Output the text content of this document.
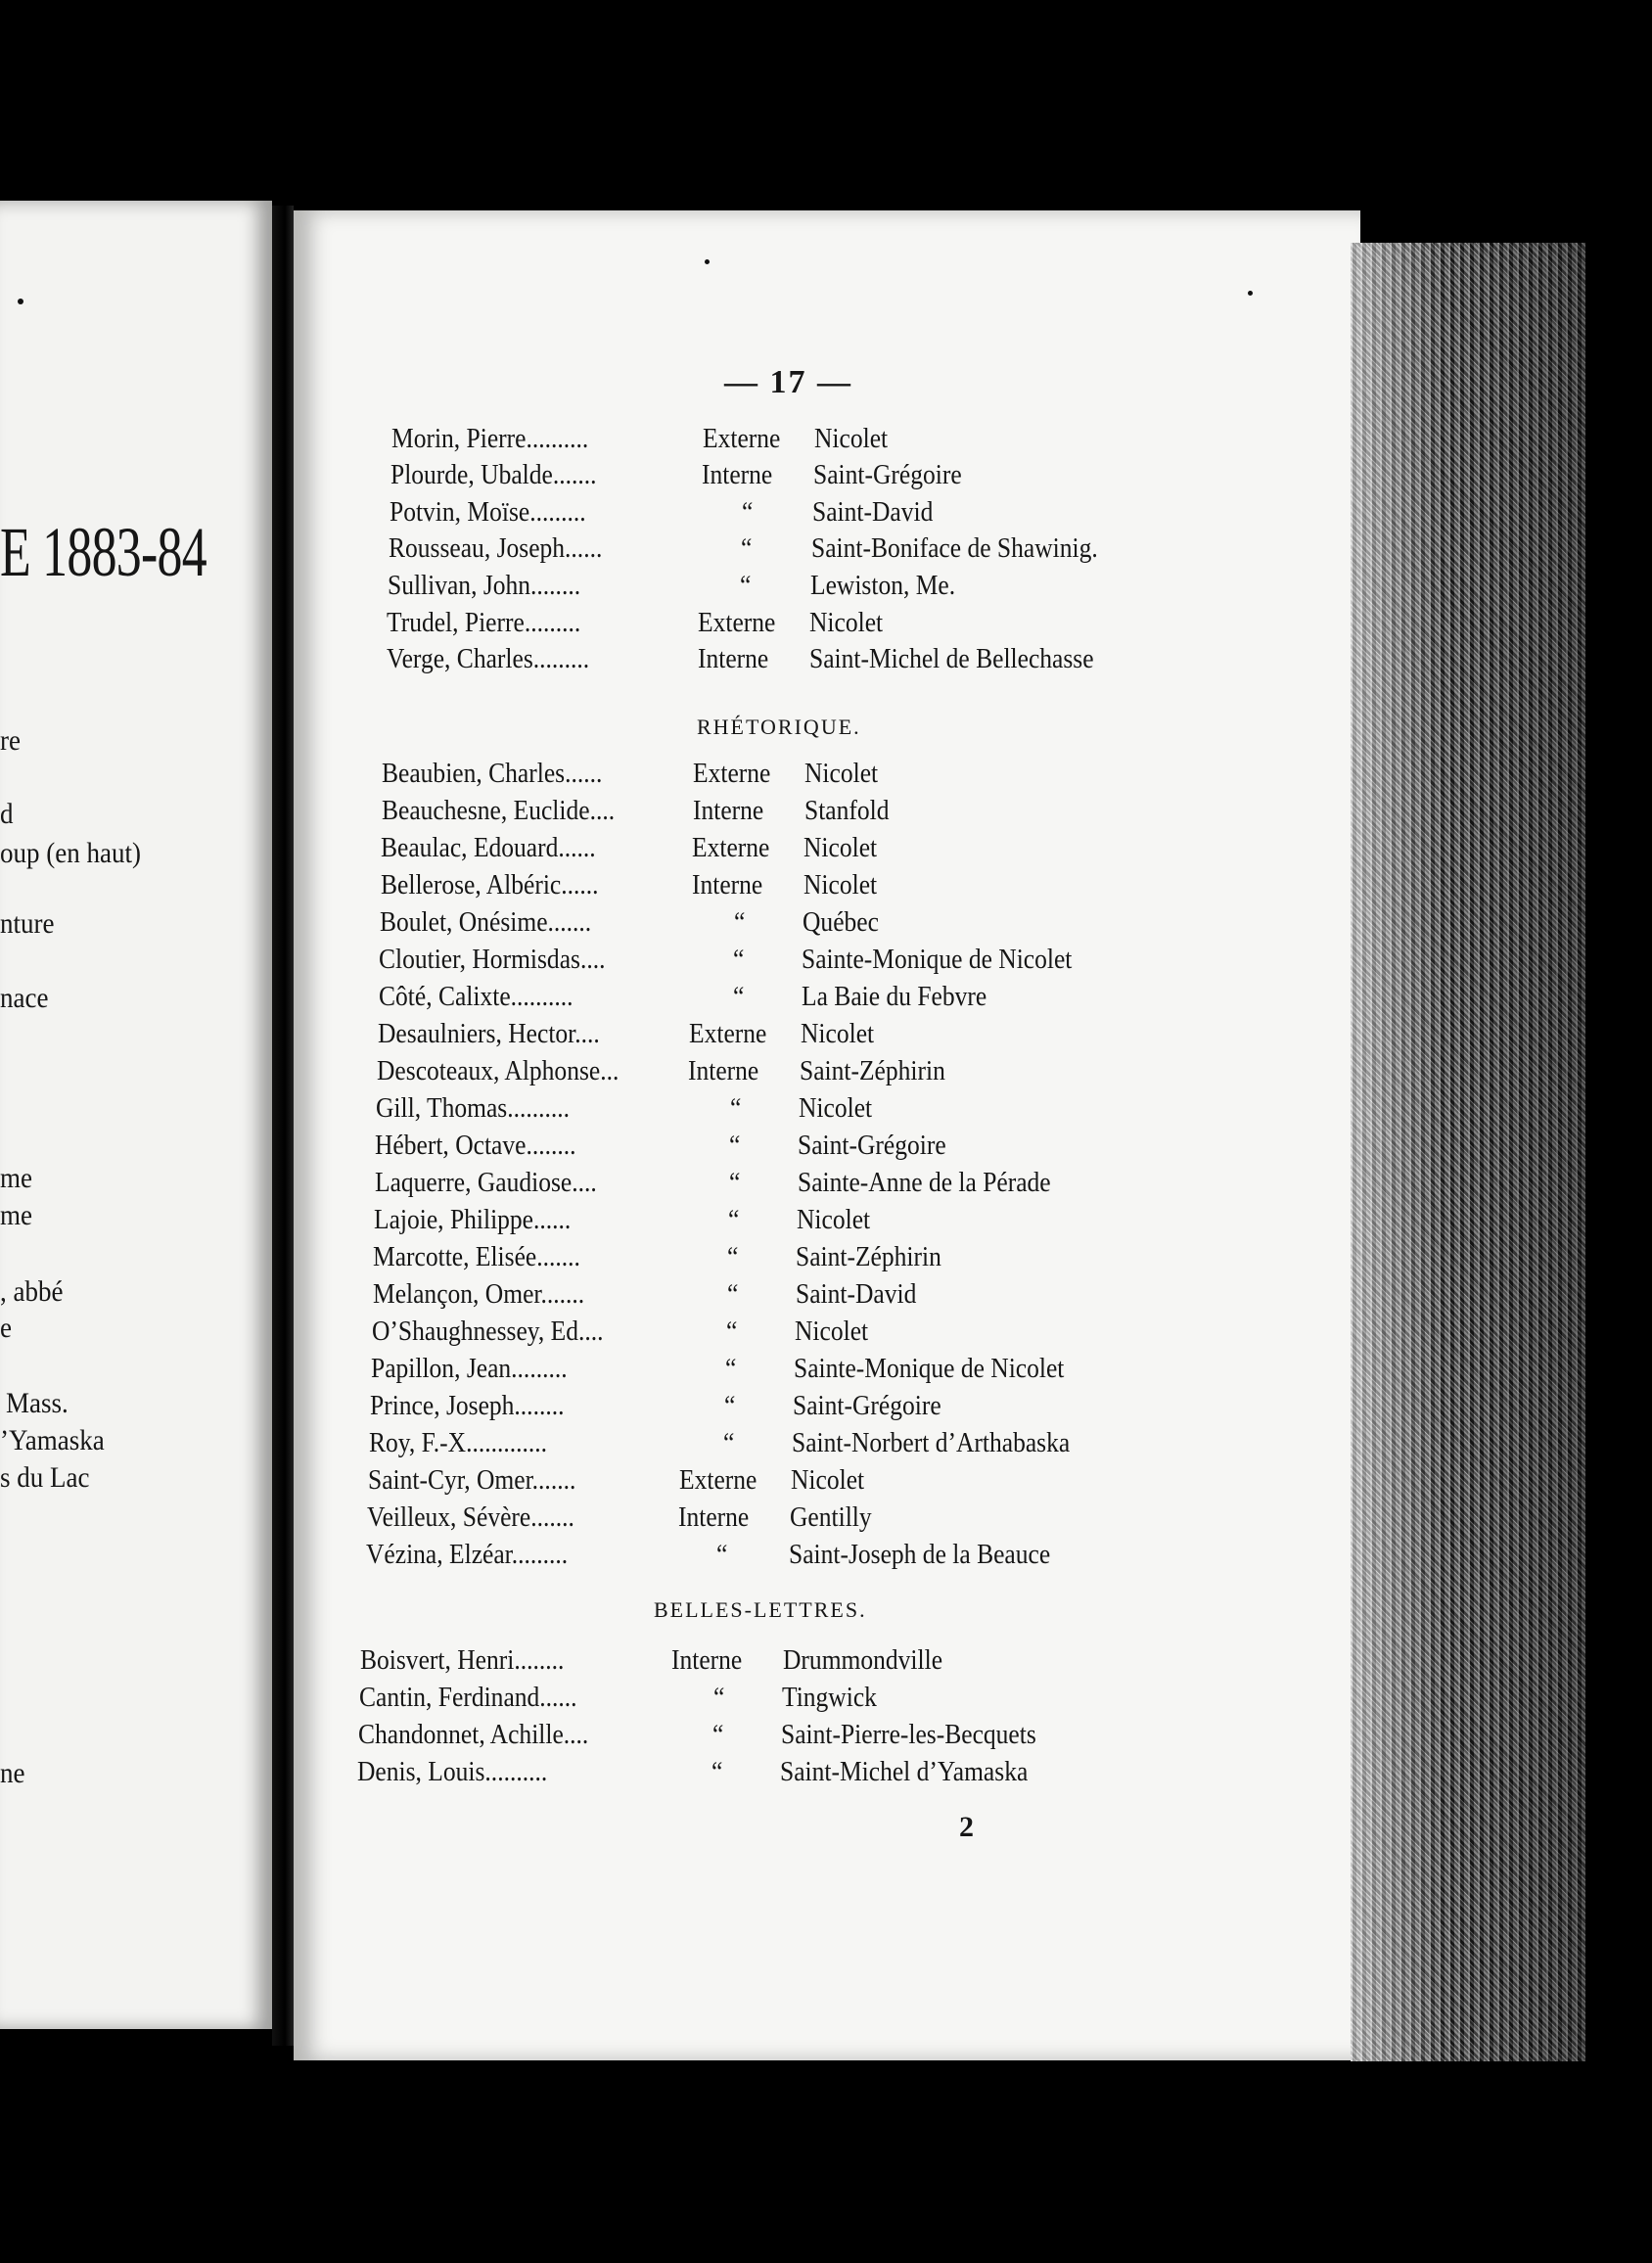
E 1883-84
re
d
oup (en haut)
nture
nace
me
me
, abbé
e
Mass.
’Yamaska
s du Lac
ne
— 17 —
Morin, Pierre..........	Externe Nicolet
Plourde, Ubalde.......	Interne Saint-Grégoire
Potvin, Moïse.........	“ Saint-David
Rousseau, Joseph......	“ Saint-Boniface de Shawinig.
Sullivan, John........	“ Lewiston, Me.
Trudel, Pierre.........	Externe Nicolet
Verge, Charles.........	Interne Saint-Michel de Bellechasse
RHÉTORIQUE.
Beaubien, Charles......	Externe Nicolet
Beauchesne, Euclide....	Interne Stanfold
Beaulac, Edouard......	Externe Nicolet
Bellerose, Albéric......	Interne Nicolet
Boulet, Onésime.......	“ Québec
Cloutier, Hormisdas....	“ Sainte-Monique de Nicolet
Côté, Calixte..........	“ La Baie du Febvre
Desaulniers, Hector....	Externe Nicolet
Descoteaux, Alphonse... Interne Saint-Zéphirin
Gill, Thomas..........	“ Nicolet
Hébert, Octave........	“ Saint-Grégoire
Laquerre, Gaudiose....	“ Sainte-Anne de la Pérade
Lajoie, Philippe......	“ Nicolet
Marcotte, Elisée.......	“ Saint-Zéphirin
Melançon, Omer.......	“ Saint-David
O’Shaughnessey, Ed....	“ Nicolet
Papillon, Jean.........	“ Sainte-Monique de Nicolet
Prince, Joseph........	“ Saint-Grégoire
Roy, F.-X.............	“ Saint-Norbert d’Arthabaska
Saint-Cyr, Omer.......	Externe Nicolet
Veilleux, Sévère.......	Interne Gentilly
Vézina, Elzéar.........	“ Saint-Joseph de la Beauce
BELLES-LETTRES.
Boisvert, Henri........	Interne Drummondville
Cantin, Ferdinand......	“ Tingwick
Chandonnet, Achille....	“ Saint-Pierre-les-Becquets
Denis, Louis..........	“ Saint-Michel d’Yamaska
2
